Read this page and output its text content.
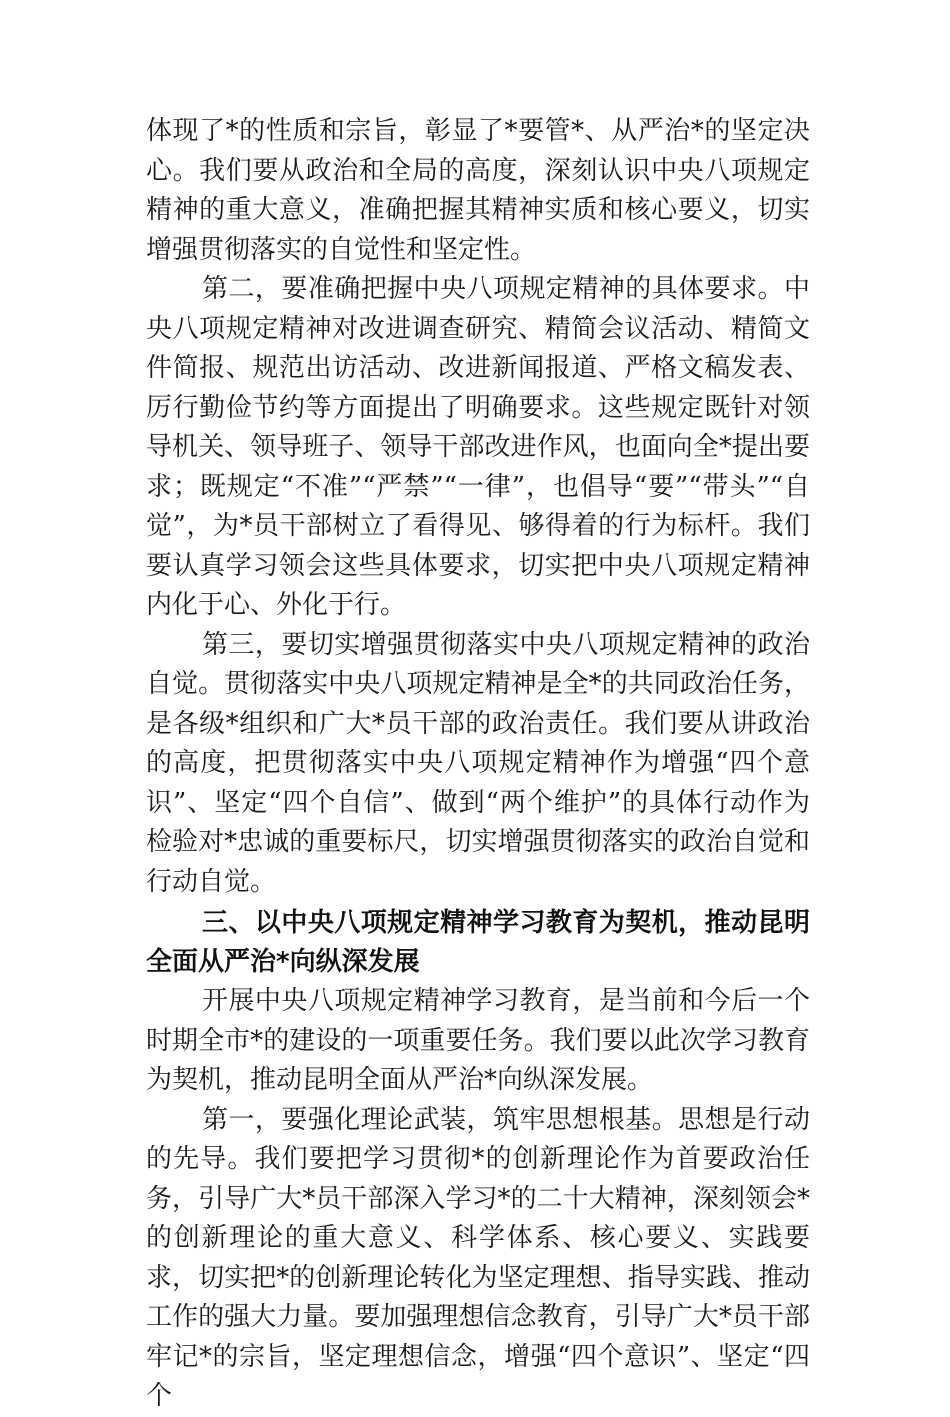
体现了*的性质和宗旨，彰显了*要管*、从严治*的坚定决心。我们要从政治和全局的高度，深刻认识中央八项规定精神的重大意义，准确把握其精神实质和核心要义，切实增强贯彻落实的自觉性和坚定性。

第二，要准确把握中央八项规定精神的具体要求。中央八项规定精神对改进调查研究、精简会议活动、精简文件简报、规范出访活动、改进新闻报道、严格文稿发表、厉行勤俭节约等方面提出了明确要求。这些规定既针对领导机关、领导班子、领导干部改进作风，也面向全*提出要求；既规定“不准”“严禁”“一律”，也倡导“要”“带头”“自觉”，为*员干部树立了看得见、够得着的行为标杆。我们要认真学习领会这些具体要求，切实把中央八项规定精神内化于心、外化于行。

第三，要切实增强贯彻落实中央八项规定精神的政治自觉。贯彻落实中央八项规定精神是全*的共同政治任务，是各级*组织和广大*员干部的政治责任。我们要从讲政治的高度，把贯彻落实中央八项规定精神作为增强“四个意识”、坚定“四个自信”、做到“两个维护”的具体行动作为检验对*忠诚的重要标尺，切实增强贯彻落实的政治自觉和行动自觉。

三、以中央八项规定精神学习教育为契机，推动昆明全面从严治*向纵深发展

开展中央八项规定精神学习教育，是当前和今后一个时期全市*的建设的一项重要任务。我们要以此次学习教育为契机，推动昆明全面从严治*向纵深发展。

第一，要强化理论武装，筑牢思想根基。思想是行动的先导。我们要把学习贯彻*的创新理论作为首要政治任务，引导广大*员干部深入学习*的二十大精神，深刻领会*的创新理论的重大意义、科学体系、核心要义、实践要求，切实把*的创新理论转化为坚定理想、指导实践、推动工作的强大力量。要加强理想信念教育，引导广大*员干部牢记*的宗旨，坚定理想信念，增强“四个意识”、坚定“四个
